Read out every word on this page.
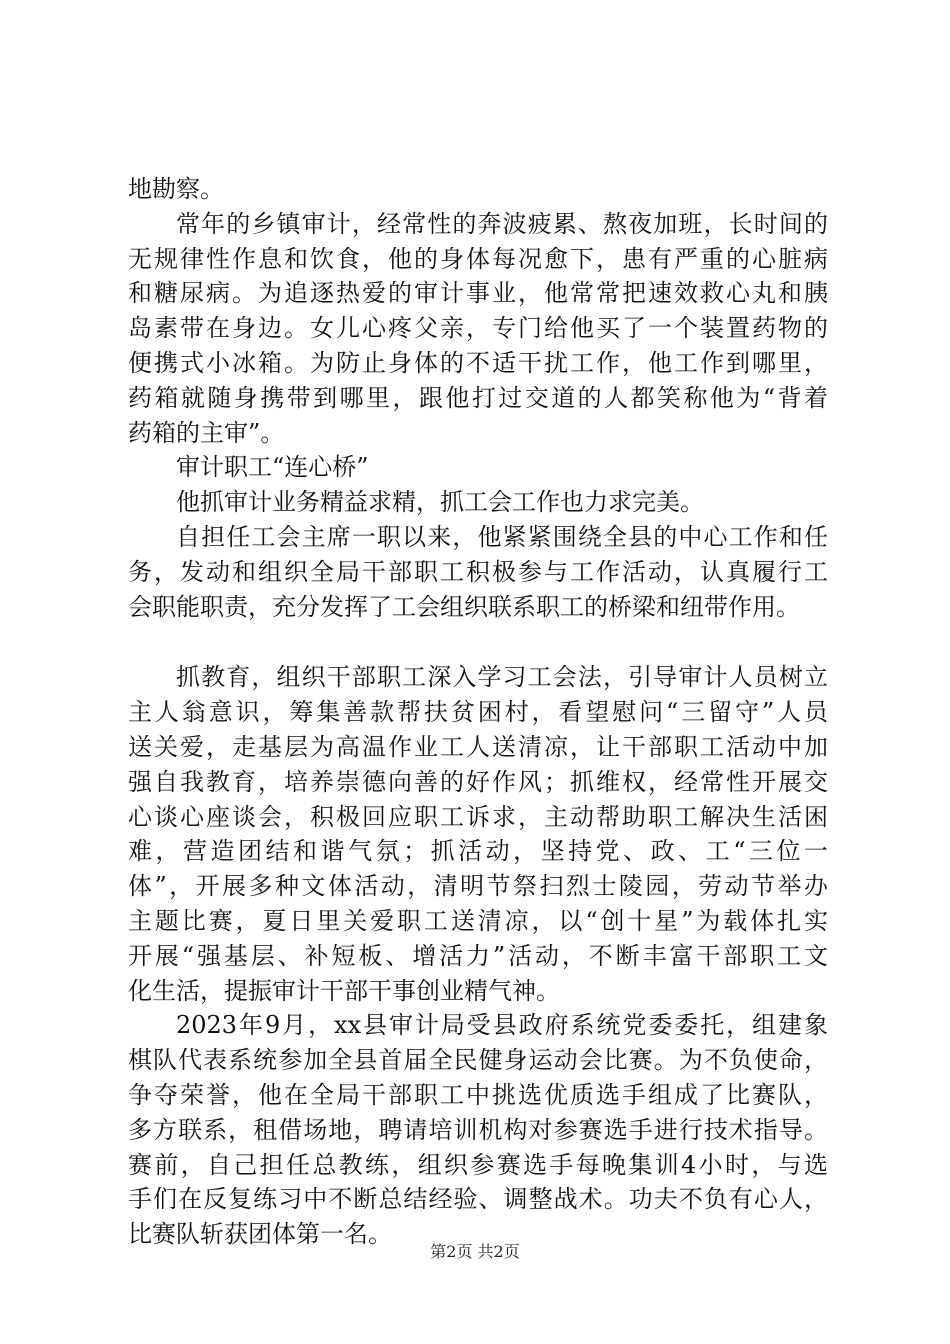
地勘察。
常年的乡镇审计，经常性的奔波疲累、熬夜加班，长时间的
无规律性作息和饮食，他的身体每况愈下，患有严重的心脏病
和糖尿病。为追逐热爱的审计事业，他常常把速效救心丸和胰
岛素带在身边。女儿心疼父亲，专门给他买了一个装置药物的
便携式小冰箱。为防止身体的不适干扰工作，他工作到哪里，
药箱就随身携带到哪里，跟他打过交道的人都笑称他为“背着
药箱的主审”。
审计职工“连心桥”
他抓审计业务精益求精，抓工会工作也力求完美。
自担任工会主席一职以来，他紧紧围绕全县的中心工作和任
务，发动和组织全局干部职工积极参与工作活动，认真履行工
会职能职责，充分发挥了工会组织联系职工的桥梁和纽带作用。
抓教育，组织干部职工深入学习工会法，引导审计人员树立
主人翁意识，筹集善款帮扶贫困村，看望慰问“三留守”人员
送关爱，走基层为高温作业工人送清凉，让干部职工活动中加
强自我教育，培养崇德向善的好作风；抓维权，经常性开展交
心谈心座谈会，积极回应职工诉求，主动帮助职工解决生活困
难，营造团结和谐气氛；抓活动，坚持党、政、工“三位一
体”，开展多种文体活动，清明节祭扫烈士陵园，劳动节举办
主题比赛，夏日里关爱职工送清凉，以“创十星”为载体扎实
开展“强基层、补短板、增活力”活动，不断丰富干部职工文
化生活，提振审计干部干事创业精气神。
2023年9月，xx县审计局受县政府系统党委委托，组建象
棋队代表系统参加全县首届全民健身运动会比赛。为不负使命，
争夺荣誉，他在全局干部职工中挑选优质选手组成了比赛队，
多方联系，租借场地，聘请培训机构对参赛选手进行技术指导。
赛前，自己担任总教练，组织参赛选手每晚集训4小时，与选
手们在反复练习中不断总结经验、调整战术。功夫不负有心人，
比赛队斩获团体第一名。
第2页 共2页
